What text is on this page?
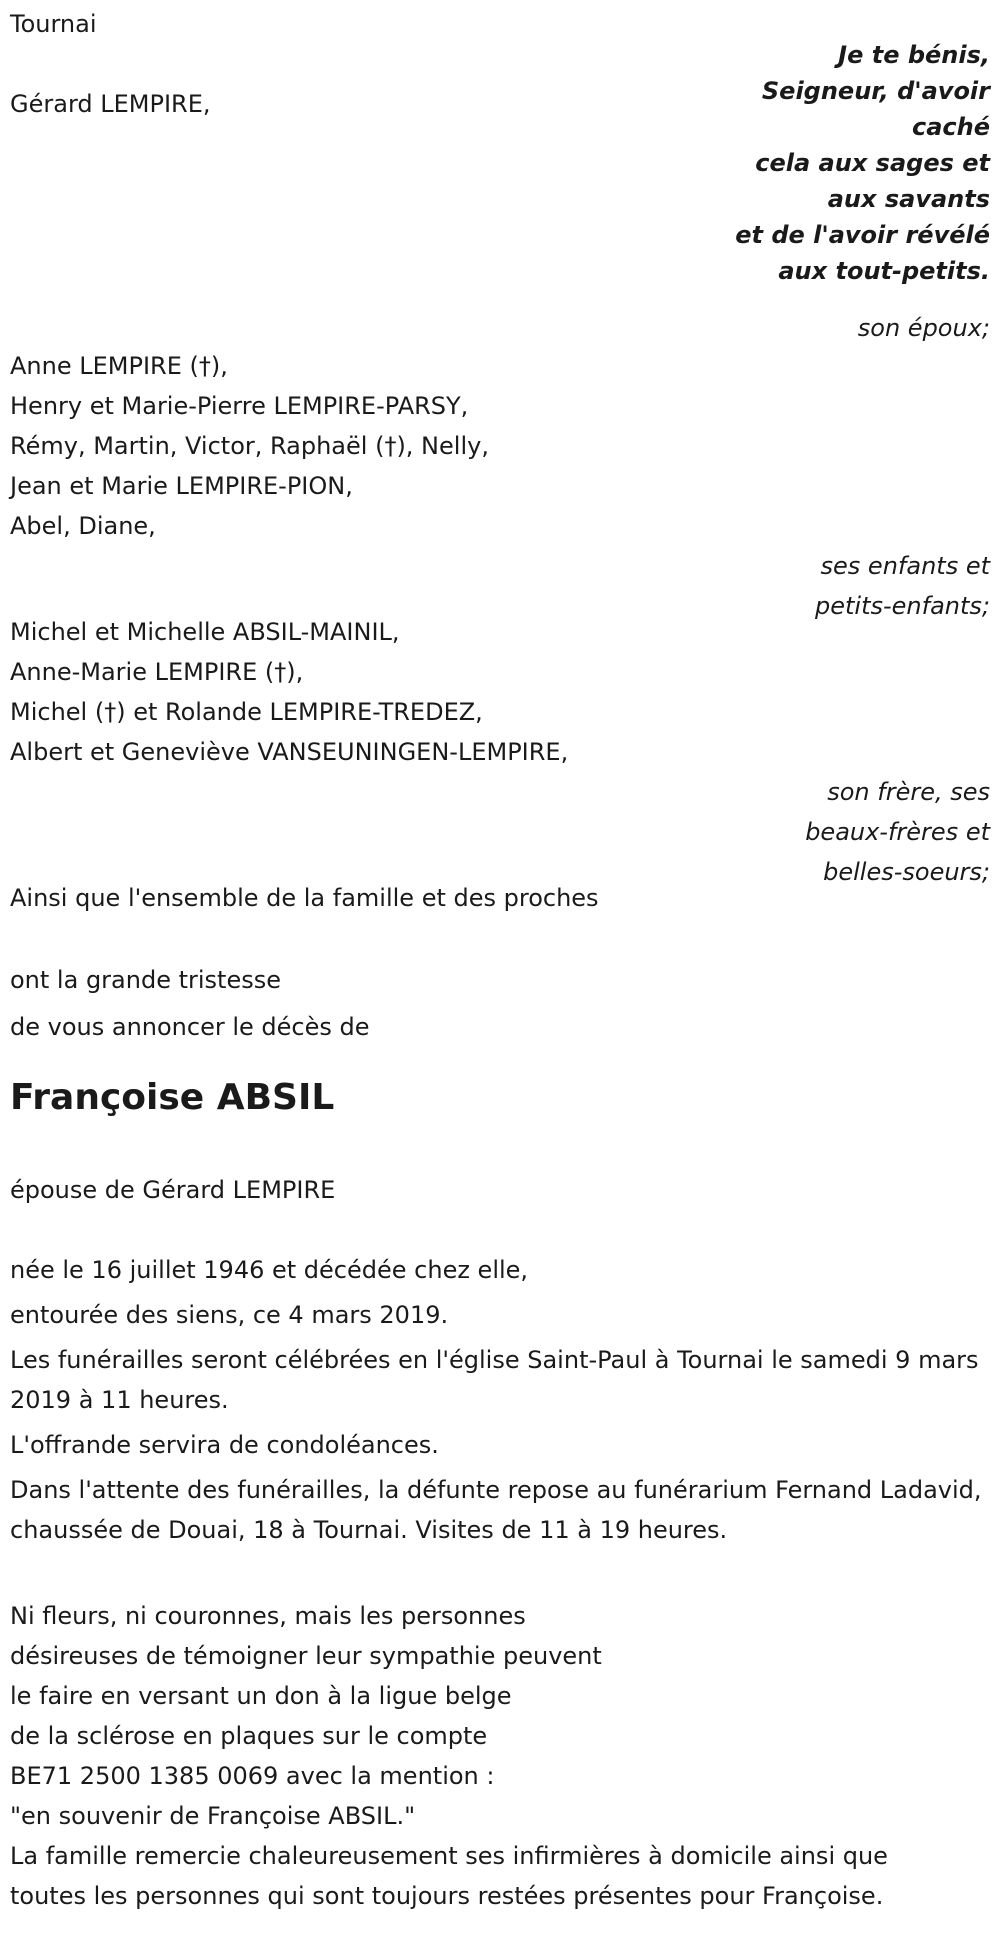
Tournai

Je te bénis,

Seigneur, d'avoir

caché

cela aux sages et

aux savants

et de l'avoir révélé

aux tout-petits.

Gérard LEMPIRE,

son époux;

Anne LEMPIRE (†),

Henry et Marie-Pierre LEMPIRE-PARSY,

Rémy, Martin, Victor, Raphaël (†), Nelly,

Jean et Marie LEMPIRE-PION,

Abel, Diane,

ses enfants et

petits-enfants;

Michel et Michelle ABSIL-MAINIL,

Anne-Marie LEMPIRE (†),

Michel (†) et Rolande LEMPIRE-TREDEZ,

Albert et Geneviève VANSEUNINGEN-LEMPIRE,

son frère, ses

beaux-frères et

belles-soeurs;

Ainsi que l'ensemble de la famille et des proches

ont la grande tristesse

de vous annoncer le décès de

Françoise ABSIL

épouse de Gérard LEMPIRE

née le 16 juillet 1946 et décédée chez elle,

entourée des siens, ce 4 mars 2019.

Les funérailles seront célébrées en l'église Saint-Paul à Tournai le samedi 9 mars 2019 à 11 heures.

L'offrande servira de condoléances.

Dans l'attente des funérailles, la défunte repose au funérarium Fernand Ladavid, chaussée de Douai, 18 à Tournai. Visites de 11 à 19 heures.

Ni fleurs, ni couronnes, mais les personnes

désireuses de témoigner leur sympathie peuvent

le faire en versant un don à la ligue belge

de la sclérose en plaques sur le compte

BE71 2500 1385 0069 avec la mention :

"en souvenir de Françoise ABSIL."

La famille remercie chaleureusement ses infirmières à domicile ainsi que

toutes les personnes qui sont toujours restées présentes pour Françoise.
